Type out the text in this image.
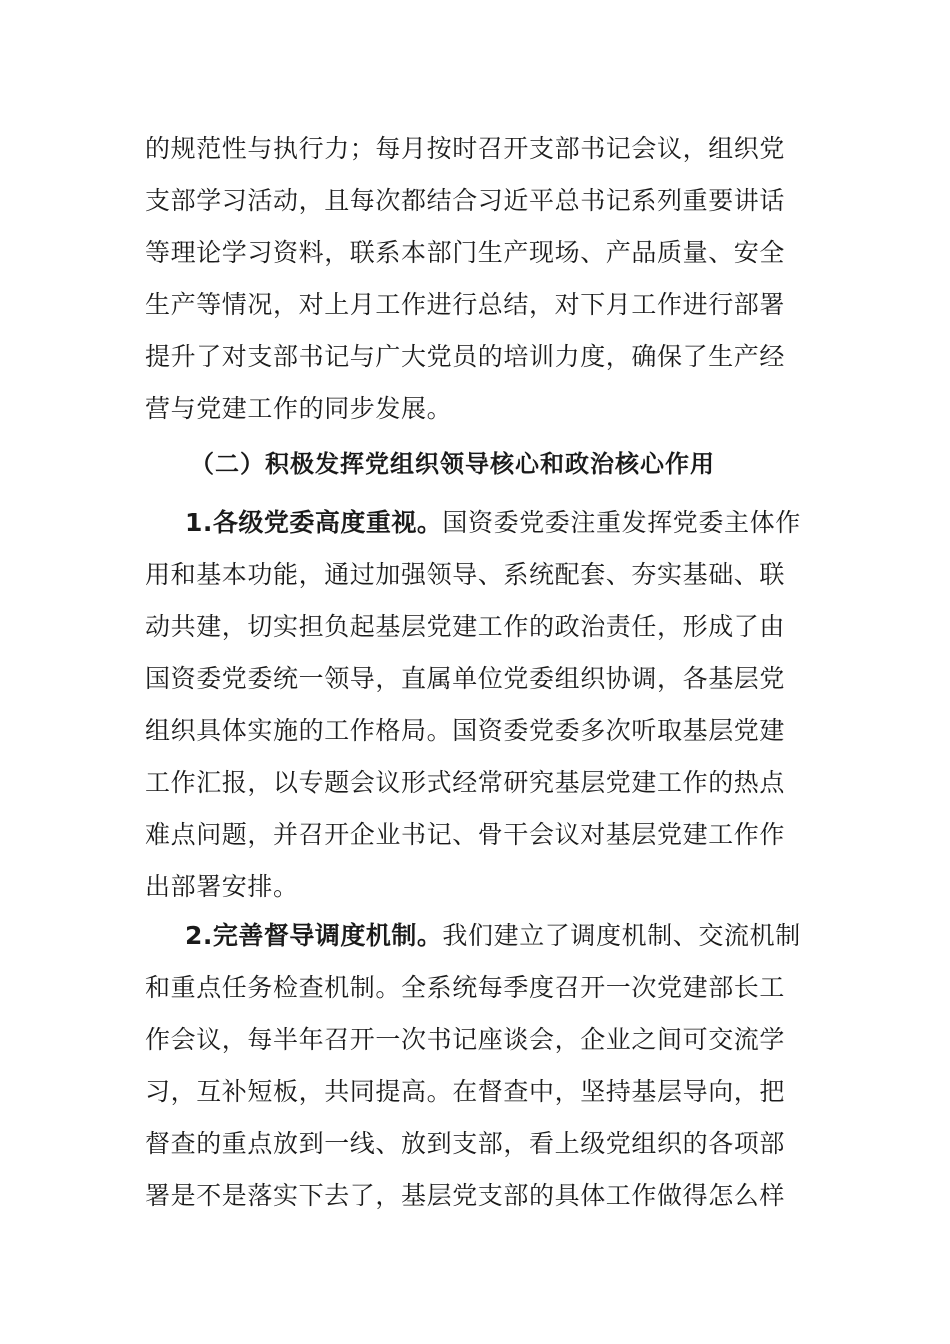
的规范性与执行力；每月按时召开支部书记会议，组织党
支部学习活动，且每次都结合习近平总书记系列重要讲话
等理论学习资料，联系本部门生产现场、产品质量、安全
生产等情况，对上月工作进行总结，对下月工作进行部署
提升了对支部书记与广大党员的培训力度，确保了生产经
营与党建工作的同步发展。
（二）积极发挥党组织领导核心和政治核心作用
1.各级党委高度重视。国资委党委注重发挥党委主体作
用和基本功能，通过加强领导、系统配套、夯实基础、联
动共建，切实担负起基层党建工作的政治责任，形成了由
国资委党委统一领导，直属单位党委组织协调，各基层党
组织具体实施的工作格局。国资委党委多次听取基层党建
工作汇报，以专题会议形式经常研究基层党建工作的热点
难点问题，并召开企业书记、骨干会议对基层党建工作作
出部署安排。
2.完善督导调度机制。我们建立了调度机制、交流机制
和重点任务检查机制。全系统每季度召开一次党建部长工
作会议，每半年召开一次书记座谈会，企业之间可交流学
习，互补短板，共同提高。在督查中，坚持基层导向，把
督查的重点放到一线、放到支部，看上级党组织的各项部
署是不是落实下去了，基层党支部的具体工作做得怎么样
